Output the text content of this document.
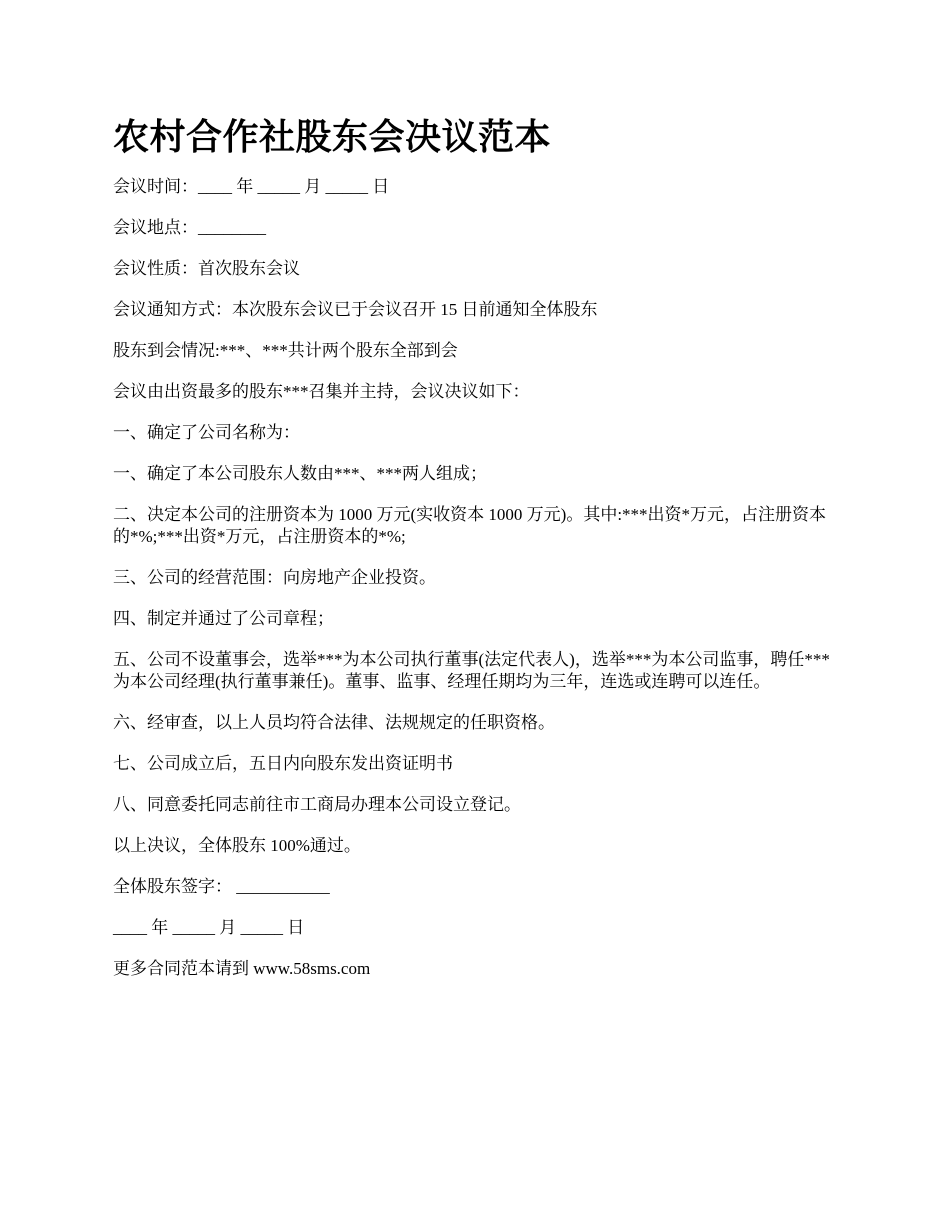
农村合作社股东会决议范本

会议时间：____ 年 _____ 月 _____ 日

会议地点：________

会议性质：首次股东会议

会议通知方式：本次股东会议已于会议召开 15 日前通知全体股东

股东到会情况:***、***共计两个股东全部到会

会议由出资最多的股东***召集并主持，会议决议如下：

一、确定了公司名称为：

一、确定了本公司股东人数由***、***两人组成；

二、决定本公司的注册资本为 1000 万元(实收资本 1000 万元)。其中:***出资*万元，占注册资本的*%;***出资*万元，占注册资本的*%;

三、公司的经营范围：向房地产企业投资。

四、制定并通过了公司章程；

五、公司不设董事会，选举***为本公司执行董事(法定代表人)，选举***为本公司监事，聘任***为本公司经理(执行董事兼任)。董事、监事、经理任期均为三年，连选或连聘可以连任。

六、经审查，以上人员均符合法律、法规规定的任职资格。

七、公司成立后，五日内向股东发出资证明书

八、同意委托同志前往市工商局办理本公司设立登记。

以上决议，全体股东 100%通过。

全体股东签字： ___________

____ 年 _____ 月 _____ 日

更多合同范本请到 www.58sms.com
